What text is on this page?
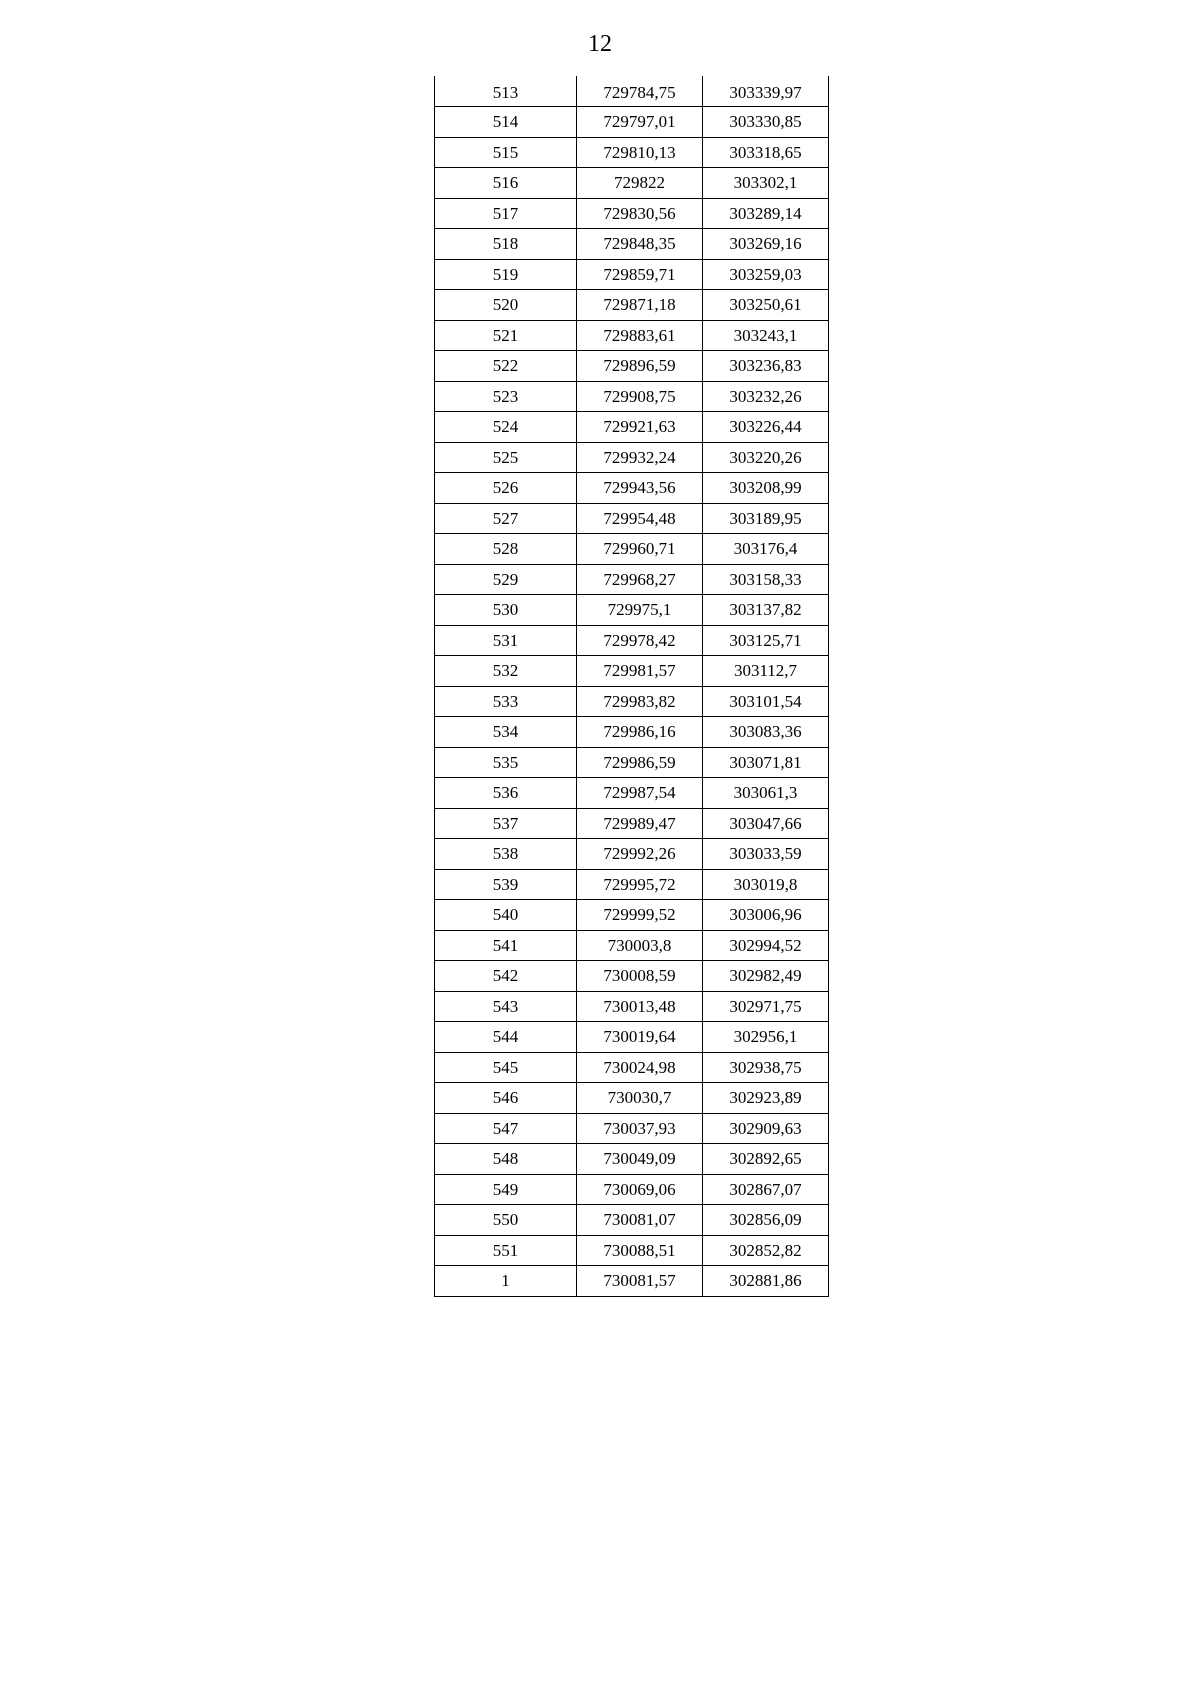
12
513	729784,75	303339,97
514	729797,01	303330,85
515	729810,13	303318,65
516	729822	303302,1
517	729830,56	303289,14
518	729848,35	303269,16
519	729859,71	303259,03
520	729871,18	303250,61
521	729883,61	303243,1
522	729896,59	303236,83
523	729908,75	303232,26
524	729921,63	303226,44
525	729932,24	303220,26
526	729943,56	303208,99
527	729954,48	303189,95
528	729960,71	303176,4
529	729968,27	303158,33
530	729975,1	303137,82
531	729978,42	303125,71
532	729981,57	303112,7
533	729983,82	303101,54
534	729986,16	303083,36
535	729986,59	303071,81
536	729987,54	303061,3
537	729989,47	303047,66
538	729992,26	303033,59
539	729995,72	303019,8
540	729999,52	303006,96
541	730003,8	302994,52
542	730008,59	302982,49
543	730013,48	302971,75
544	730019,64	302956,1
545	730024,98	302938,75
546	730030,7	302923,89
547	730037,93	302909,63
548	730049,09	302892,65
549	730069,06	302867,07
550	730081,07	302856,09
551	730088,51	302852,82
1	730081,57	302881,86
